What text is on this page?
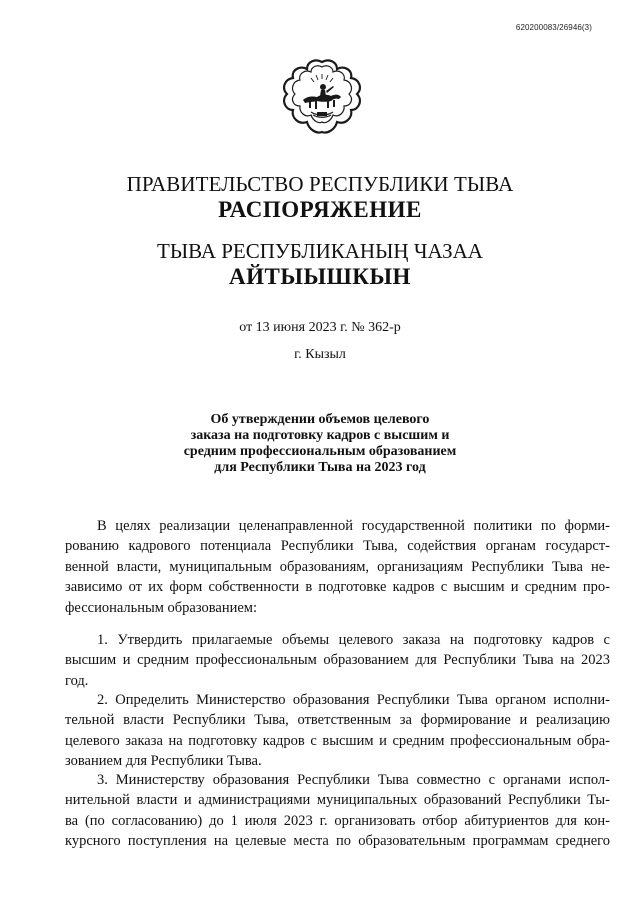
620200083/26946(3)
ПРАВИТЕЛЬСТВО РЕСПУБЛИКИ ТЫВА
РАСПОРЯЖЕНИЕ
ТЫВА РЕСПУБЛИКАНЫҢ ЧАЗАА
АЙТЫЫШКЫН
от 13 июня 2023 г. № 362-р
г. Кызыл
Об утверждении объемов целевого
заказа на подготовку кадров с высшим и
средним профессиональным образованием
для Республики Тыва на 2023 год
В целях реализации целенаправленной государственной политики по форми-
рованию кадрового потенциала Республики Тыва, содействия органам государст-
венной власти, муниципальным образованиям, организациям Республики Тыва не-
зависимо от их форм собственности в подготовке кадров с высшим и средним про-
фессиональным образованием:
1. Утвердить прилагаемые объемы целевого заказа на подготовку кадров с
высшим и средним профессиональным образованием для Республики Тыва на 2023
год.
2. Определить Министерство образования Республики Тыва органом исполни-
тельной власти Республики Тыва, ответственным за формирование и реализацию
целевого заказа на подготовку кадров с высшим и средним профессиональным обра-
зованием для Республики Тыва.
3. Министерству образования Республики Тыва совместно с органами испол-
нительной власти и администрациями муниципальных образований Республики Ты-
ва (по согласованию) до 1 июля 2023 г. организовать отбор абитуриентов для кон-
курсного поступления на целевые места по образовательным программам среднего
